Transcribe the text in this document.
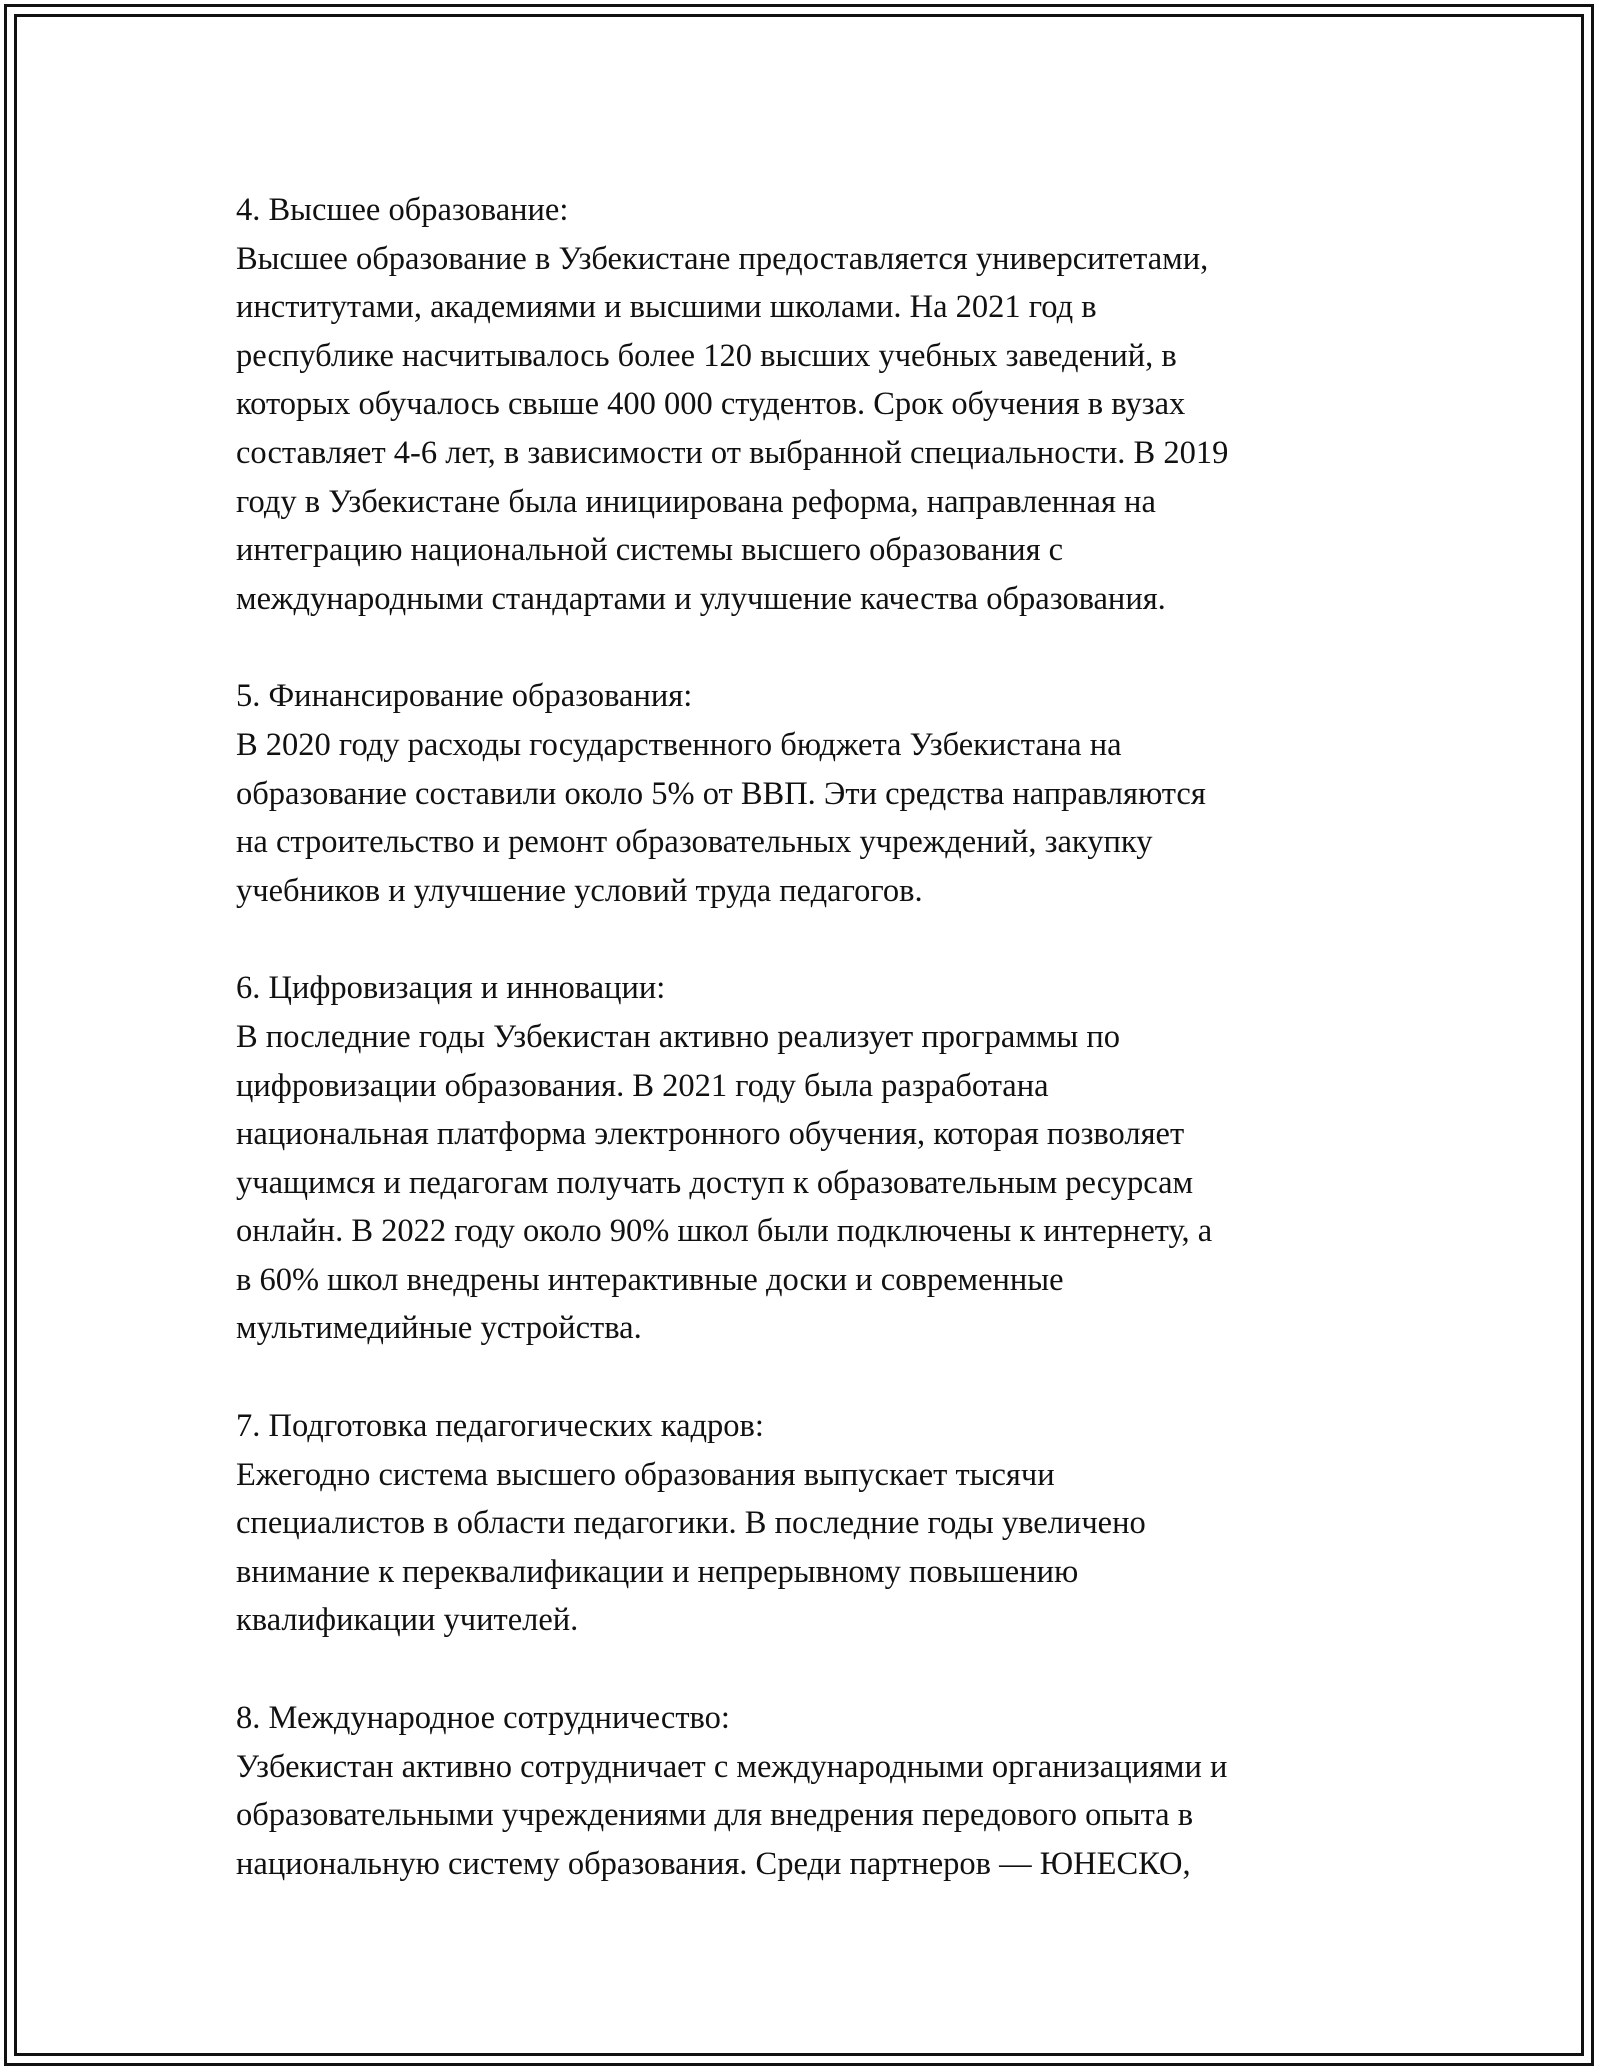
4. Высшее образование:
Высшее образование в Узбекистане предоставляется университетами,
институтами, академиями и высшими школами. На 2021 год в
республике насчитывалось более 120 высших учебных заведений, в
которых обучалось свыше 400 000 студентов. Срок обучения в вузах
составляет 4-6 лет, в зависимости от выбранной специальности. В 2019
году в Узбекистане была инициирована реформа, направленная на
интеграцию национальной системы высшего образования с
международными стандартами и улучшение качества образования.
5. Финансирование образования:
В 2020 году расходы государственного бюджета Узбекистана на
образование составили около 5% от ВВП. Эти средства направляются
на строительство и ремонт образовательных учреждений, закупку
учебников и улучшение условий труда педагогов.
6. Цифровизация и инновации:
В последние годы Узбекистан активно реализует программы по
цифровизации образования. В 2021 году была разработана
национальная платформа электронного обучения, которая позволяет
учащимся и педагогам получать доступ к образовательным ресурсам
онлайн. В 2022 году около 90% школ были подключены к интернету, а
в 60% школ внедрены интерактивные доски и современные
мультимедийные устройства.
7. Подготовка педагогических кадров:
Ежегодно система высшего образования выпускает тысячи
специалистов в области педагогики. В последние годы увеличено
внимание к переквалификации и непрерывному повышению
квалификации учителей.
8. Международное сотрудничество:
Узбекистан активно сотрудничает с международными организациями и
образовательными учреждениями для внедрения передового опыта в
национальную систему образования. Среди партнеров — ЮНЕСКО,
